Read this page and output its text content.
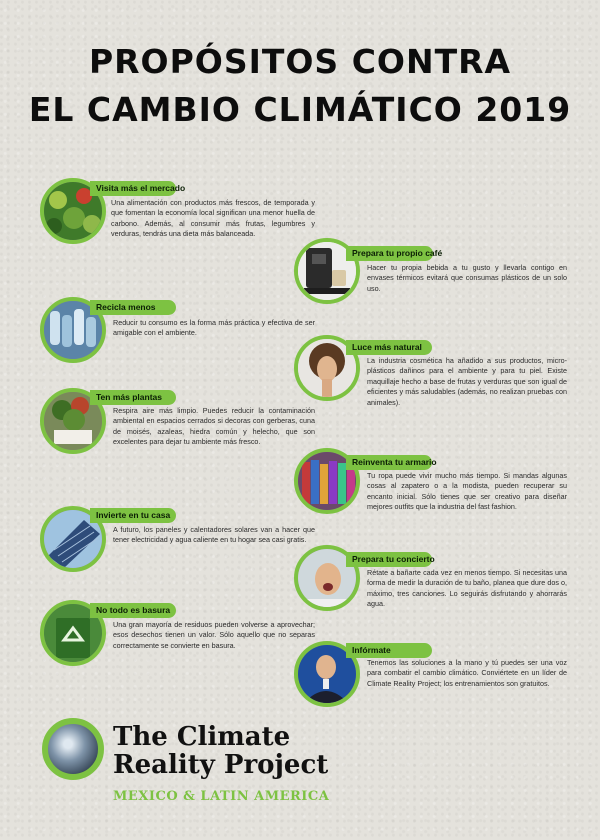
PROPÓSITOS CONTRA
EL CAMBIO CLIMÁTICO 2019
Visita más el mercado
Una alimentación con productos más frescos, de temporada y que fomentan la economía local significan una menor huella de carbono. Además, al consumir más frutas, legumbres y verduras, tendrás una dieta más balanceada.
Prepara tu propio café
Hacer tu propia bebida a tu gusto y llevarla contigo en envases térmicos evitará que consumas plásticos de un solo uso.
Recicla menos
Reducir tu consumo es la forma más práctica y efectiva de ser amigable con el ambiente.
Luce más natural
La industria cosmética ha añadido a sus productos, micro-plásticos dañinos para el ambiente y para tu piel. Existe maquillaje hecho a base de frutas y verduras que son igual de eficientes y más saludables (además, no realizan pruebas con animales).
Ten más plantas
Respira aire más limpio. Puedes reducir la contaminación ambiental en espacios cerrados si decoras con gerberas, cuna de moisés, azaleas, hiedra común y helecho, que son excelentes para dejar tu ambiente más fresco.
Reinventa tu armario
Tu ropa puede vivir mucho más tiempo. Si mandas algunas cosas al zapatero o a la modista, pueden recuperar su encanto inicial. Sólo tienes que ser creativo para diseñar mejores outfits que la industria del fast fashion.
Invierte en tu casa
A futuro, los paneles y calentadores solares van a hacer que tener electricidad y agua caliente en tu hogar sea casi gratis.
Prepara tu concierto
Rétate a bañarte cada vez en menos tiempo. Si necesitas una forma de medir la duración de tu baño, planea que dure dos o, máximo, tres canciones. Lo seguirás disfrutando y ahorrarás agua.
No todo es basura
Una gran mayoría de residuos pueden volverse a aprovechar; esos desechos tienen un valor. Sólo aquello que no separas correctamente se convierte en basura.	Infórmate
Tenemos las soluciones a la mano y tú puedes ser una voz para combatir el cambio climático. Conviértete en un líder de Climate Reality Project; los entrenamientos son gratuitos.
The Climate
Reality Project
MEXICO & LATIN AMERICA
